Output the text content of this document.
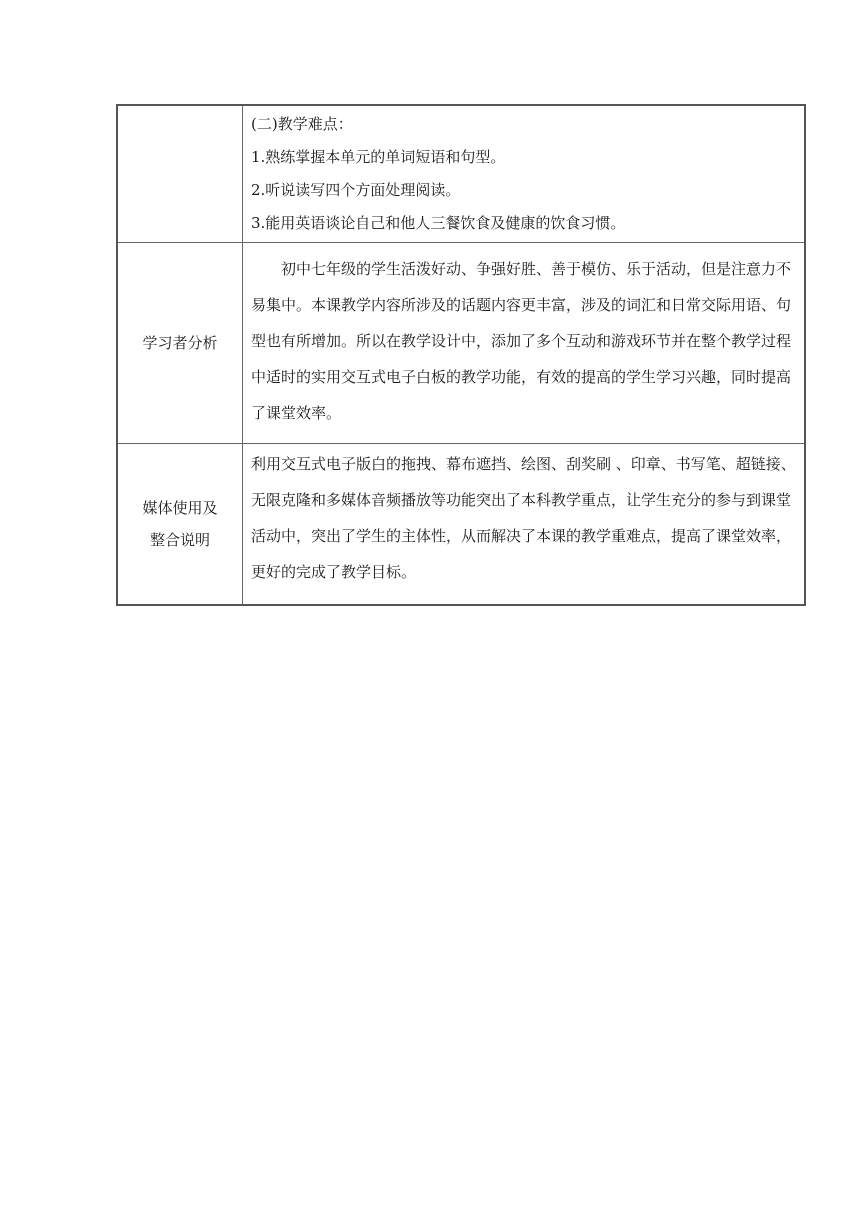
	(二)教学难点：
1.熟练掌握本单元的单词短语和句型。
2.听说读写四个方面处理阅读。
3.能用英语谈论自己和他人三餐饮食及健康的饮食习惯。

学习者分析	初中七年级的学生活泼好动、争强好胜、善于模仿、乐于活动，但是注意力不易集中。本课教学内容所涉及的话题内容更丰富，涉及的词汇和日常交际用语、句型也有所增加。所以在教学设计中，添加了多个互动和游戏环节并在整个教学过程中适时的实用交互式电子白板的教学功能，有效的提高的学生学习兴趣，同时提高了课堂效率。

媒体使用及
整合说明	利用交互式电子版白的拖拽、幕布遮挡、绘图、刮奖刷 、印章、书写笔、超链接、无限克隆和多媒体音频播放等功能突出了本科教学重点，让学生充分的参与到课堂活动中，突出了学生的主体性，从而解决了本课的教学重难点，提高了课堂效率，更好的完成了教学目标。
